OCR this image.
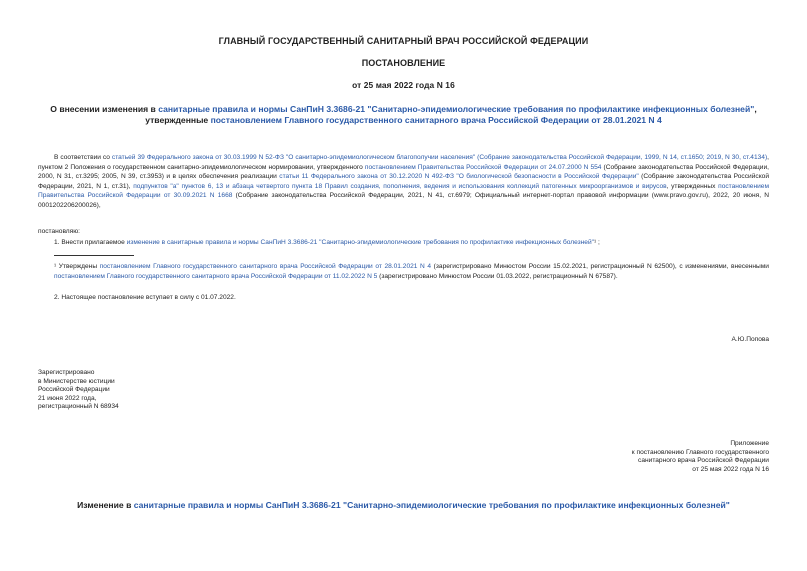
ГЛАВНЫЙ ГОСУДАРСТВЕННЫЙ САНИТАРНЫЙ ВРАЧ РОССИЙСКОЙ ФЕДЕРАЦИИ
ПОСТАНОВЛЕНИЕ
от 25 мая 2022 года N 16
О внесении изменения в санитарные правила и нормы СанПиН 3.3686-21 "Санитарно-эпидемиологические требования по профилактике инфекционных болезней",
утвержденные постановлением Главного государственного санитарного врача Российской Федерации от 28.01.2021 N 4
В соответствии со статьей 39 Федерального закона от 30.03.1999 N 52-ФЗ "О санитарно-эпидемиологическом благополучии населения" (Собрание законодательства Российской Федерации, 1999, N 14, ст.1650; 2019, N 30, ст.4134), пунктом 2 Положения о государственном санитарно-эпидемиологическом нормировании, утвержденного постановлением Правительства Российской Федерации от 24.07.2000 N 554 (Собрание законодательства Российской Федерации, 2000, N 31, ст.3295; 2005, N 39, ст.3953) и в целях обеспечения реализации статьи 11 Федерального закона от 30.12.2020 N 492-ФЗ "О биологической безопасности в Российской Федерации" (Собрание законодательства Российской Федерации, 2021, N 1, ст.31), подпунктов "а" пунктов 6, 13 и абзаца четвертого пункта 18 Правил создания, пополнения, ведения и использования коллекций патогенных микроорганизмов и вирусов, утвержденных постановлением Правительства Российской Федерации от 30.09.2021 N 1668 (Собрание законодательства Российской Федерации, 2021, N 41, ст.6979; Официальный интернет-портал правовой информации (www.pravo.gov.ru), 2022, 20 июня, N 0001202206200026),
постановляю:
1. Внести прилагаемое изменение в санитарные правила и нормы СанПиН 3.3686-21 "Санитарно-эпидемиологические требования по профилактике инфекционных болезней"¹ ;
¹ Утверждены постановлением Главного государственного санитарного врача Российской Федерации от 28.01.2021 N 4 (зарегистрировано Минюстом России 15.02.2021, регистрационный N 62500), с изменениями, внесенными постановлением Главного государственного санитарного врача Российской Федерации от 11.02.2022 N 5 (зарегистрировано Минюстом России 01.03.2022, регистрационный N 67587).
2. Настоящее постановление вступает в силу с 01.07.2022.
А.Ю.Попова
Зарегистрировано
в Министерстве юстиции
Российской Федерации
21 июня 2022 года,
регистрационный N 68934
Приложение
к постановлению Главного государственного
санитарного врача Российской Федерации
от 25 мая 2022 года N 16
Изменение в санитарные правила и нормы СанПиН 3.3686-21 "Санитарно-эпидемиологические требования по профилактике инфекционных болезней"
